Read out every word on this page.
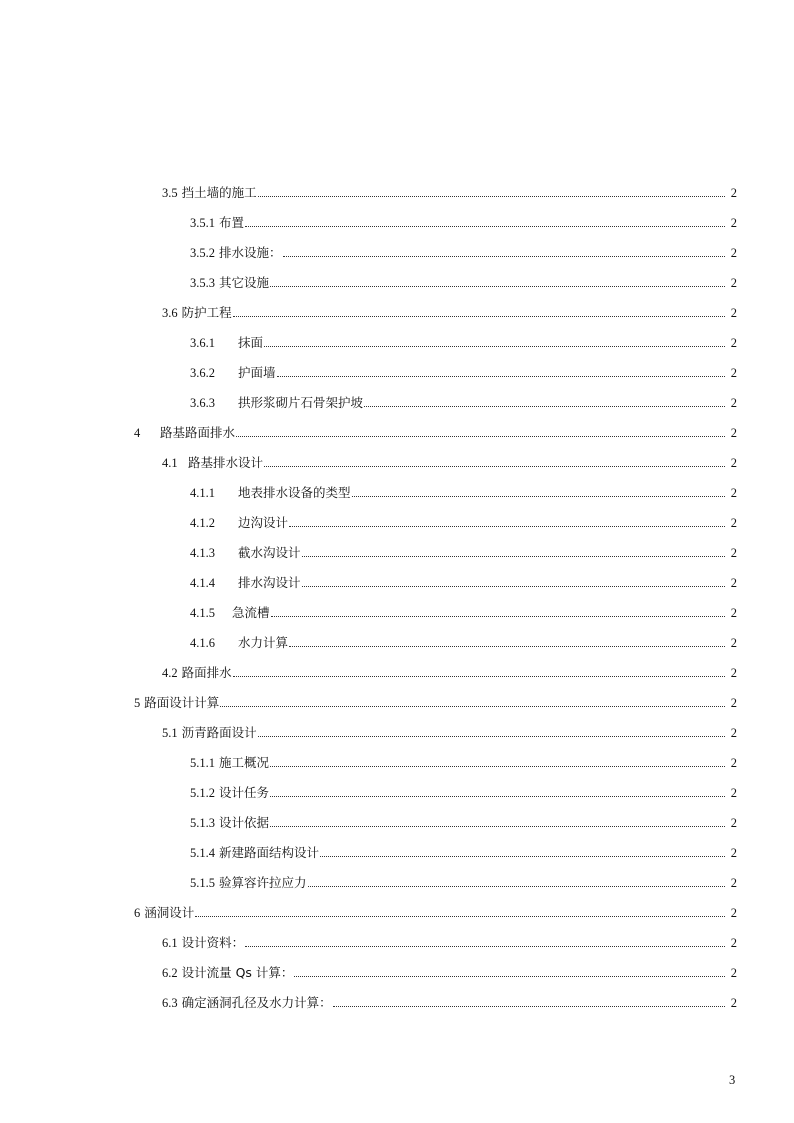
3.5 挡土墙的施工	2
3.5.1 布置	2
3.5.2 排水设施：	2
3.5.3 其它设施	2
3.6 防护工程	2
3.6.1 抹面	2
3.6.2 护面墙	2
3.6.3 拱形浆砌片石骨架护坡	2
4 路基路面排水	2
4.1 路基排水设计	2
4.1.1 地表排水设备的类型	2
4.1.2 边沟设计	2
4.1.3 截水沟设计	2
4.1.4 排水沟设计	2
4.1.5 急流槽	2
4.1.6 水力计算	2
4.2 路面排水	2
5 路面设计计算	2
5.1 沥青路面设计	2
5.1.1 施工概况	2
5.1.2 设计任务	2
5.1.3 设计依据	2
5.1.4 新建路面结构设计	2
5.1.5 验算容许拉应力	2
6 涵洞设计	2
6.1 设计资料：	2
6.2 设计流量 Qs 计算：	2
6.3 确定涵洞孔径及水力计算：	2
3
